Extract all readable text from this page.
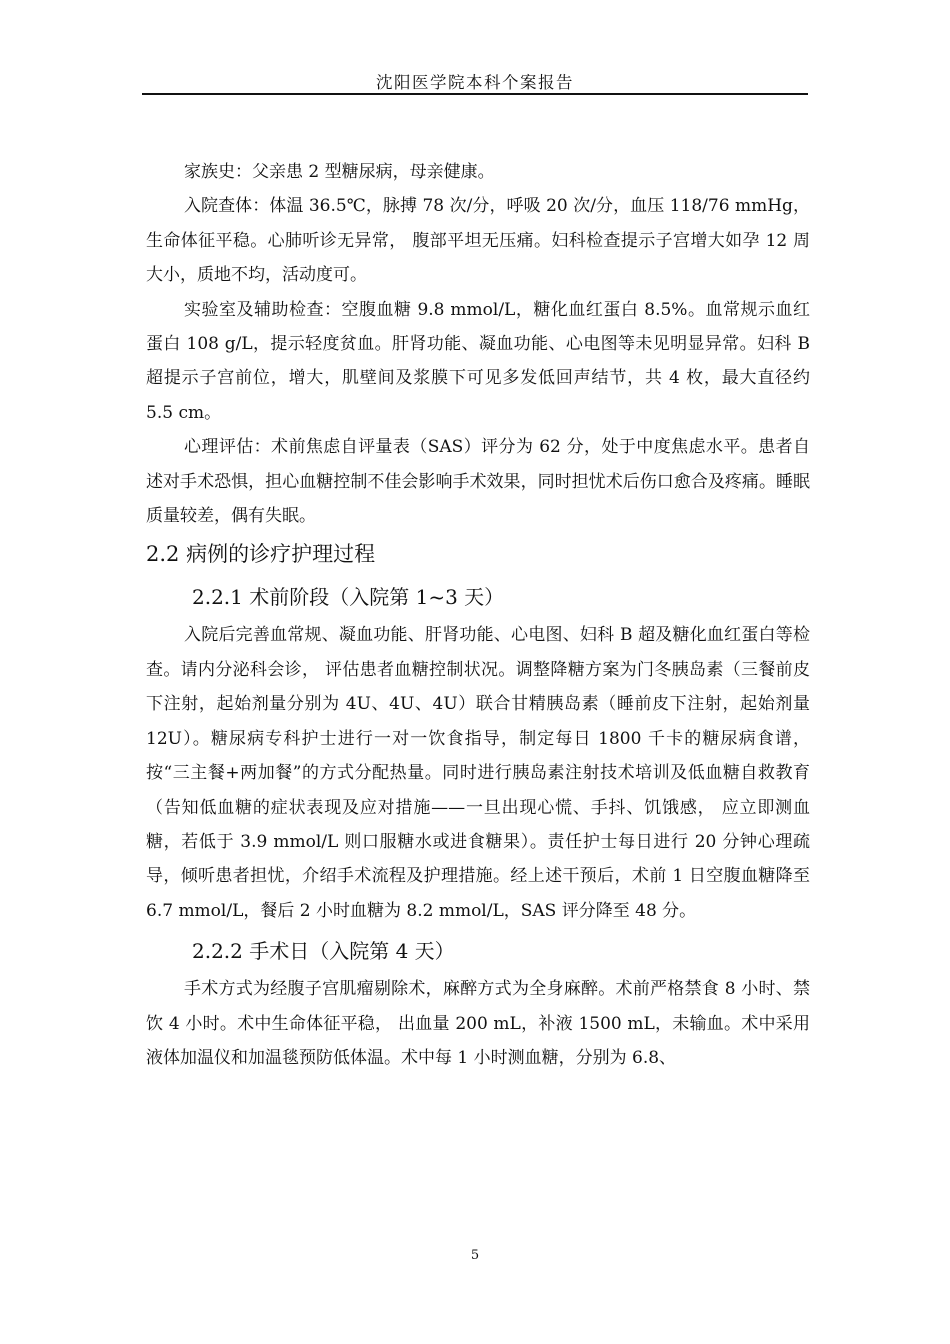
沈阳医学院本科个案报告

家族史：父亲患 2 型糖尿病，母亲健康。

入院查体：体温 36.5℃，脉搏 78 次/分，呼吸 20 次/分，血压 118/76 mmHg，生命体征平稳。心肺听诊无异常， 腹部平坦无压痛。妇科检查提示子宫增大如孕 12 周大小，质地不均，活动度可。

实验室及辅助检查：空腹血糖 9.8 mmol/L，糖化血红蛋白 8.5%。血常规示血红蛋白 108 g/L，提示轻度贫血。肝肾功能、凝血功能、心电图等未见明显异常。妇科 B 超提示子宫前位，增大，肌壁间及浆膜下可见多发低回声结节，共 4 枚，最大直径约 5.5 cm。

心理评估：术前焦虑自评量表（SAS）评分为 62 分，处于中度焦虑水平。患者自述对手术恐惧，担心血糖控制不佳会影响手术效果，同时担忧术后伤口愈合及疼痛。睡眠质量较差，偶有失眠。

2.2 病例的诊疗护理过程
2.2.1 术前阶段（入院第 1~3 天）

入院后完善血常规、凝血功能、肝肾功能、心电图、妇科 B 超及糖化血红蛋白等检查。请内分泌科会诊， 评估患者血糖控制状况。调整降糖方案为门冬胰岛素（三餐前皮下注射，起始剂量分别为 4U、4U、4U）联合甘精胰岛素（睡前皮下注射，起始剂量 12U）。糖尿病专科护士进行一对一饮食指导，制定每日 1800 千卡的糖尿病食谱，按“三主餐+两加餐”的方式分配热量。同时进行胰岛素注射技术培训及低血糖自救教育（告知低血糖的症状表现及应对措施——一旦出现心慌、手抖、饥饿感， 应立即测血糖，若低于 3.9 mmol/L 则口服糖水或进食糖果）。责任护士每日进行 20 分钟心理疏导，倾听患者担忧，介绍手术流程及护理措施。经上述干预后，术前 1 日空腹血糖降至 6.7 mmol/L，餐后 2 小时血糖为 8.2 mmol/L，SAS 评分降至 48 分。

2.2.2 手术日（入院第 4 天）

手术方式为经腹子宫肌瘤剔除术，麻醉方式为全身麻醉。术前严格禁食 8 小时、禁饮 4 小时。术中生命体征平稳， 出血量 200 mL，补液 1500 mL，未输血。术中采用液体加温仪和加温毯预防低体温。术中每 1 小时测血糖，分别为 6.8、

5
